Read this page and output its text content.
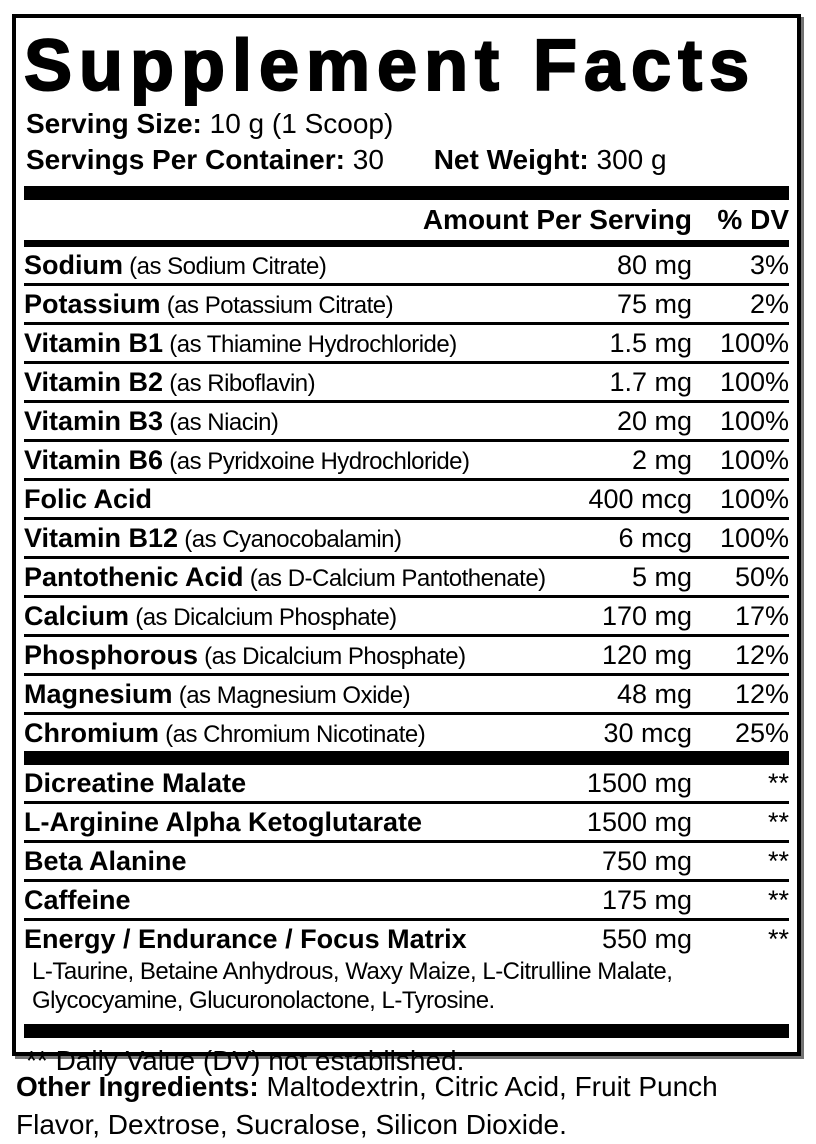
Supplement Facts
Serving Size: 10 g (1 Scoop)
Servings Per Container: 30 Net Weight: 300 g
Amount Per Serving % DV
Sodium (as Sodium Citrate)	80 mg	3%
Potassium (as Potassium Citrate)	75 mg	2%
Vitamin B1 (as Thiamine Hydrochloride)	1.5 mg	100%
Vitamin B2 (as Riboflavin)	1.7 mg	100%
Vitamin B3 (as Niacin)	20 mg	100%
Vitamin B6 (as Pyridxoine Hydrochloride)	2 mg	100%
Folic Acid	400 mcg	100%
Vitamin B12 (as Cyanocobalamin)	6 mcg	100%
Pantothenic Acid (as D-Calcium Pantothenate)	5 mg	50%
Calcium (as Dicalcium Phosphate)	170 mg	17%
Phosphorous (as Dicalcium Phosphate)	120 mg	12%
Magnesium (as Magnesium Oxide)	48 mg	12%
Chromium (as Chromium Nicotinate)	30 mcg	25%
Dicreatine Malate	1500 mg	**
L-Arginine Alpha Ketoglutarate	1500 mg	**
Beta Alanine	750 mg	**
Caffeine	175 mg	**
Energy / Endurance / Focus Matrix	550 mg	**
L-Taurine, Betaine Anhydrous, Waxy Maize, L-Citrulline Malate, Glycocyamine, Glucuronolactone, L-Tyrosine.
** Daily Value (DV) not established.
Other Ingredients: Maltodextrin, Citric Acid, Fruit Punch Flavor, Dextrose, Sucralose, Silicon Dioxide.
